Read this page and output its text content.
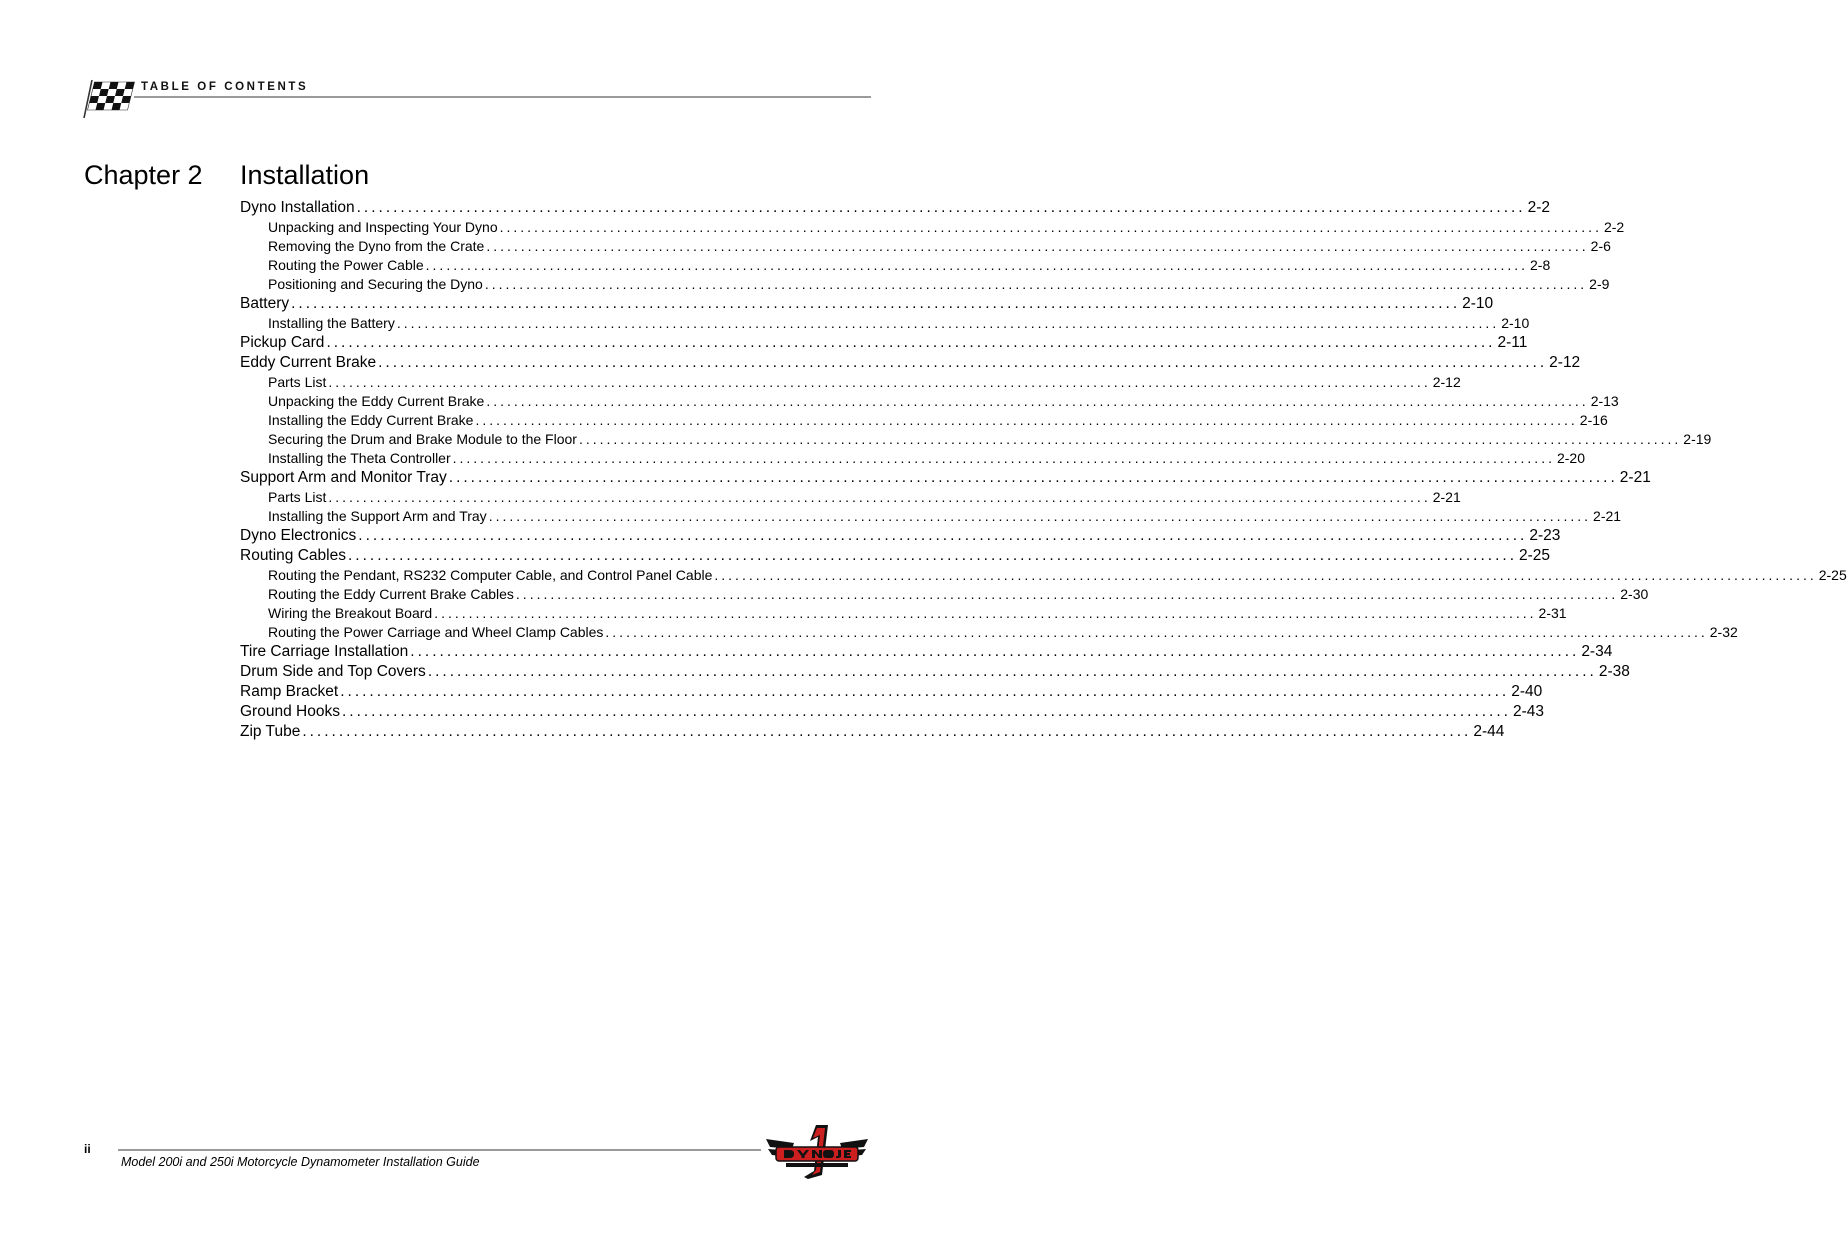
TABLE OF CONTENTS
Chapter 2 Installation
Dyno Installation ................................................................................................................................................................ 2-2
Unpacking and Inspecting Your Dyno ................................................................................................................................................................ 2-2
Removing the Dyno from the Crate ................................................................................................................................................................ 2-6
Routing the Power Cable ................................................................................................................................................................ 2-8
Positioning and Securing the Dyno ................................................................................................................................................................ 2-9
Battery ................................................................................................................................................................ 2-10
Installing the Battery ................................................................................................................................................................ 2-10
Pickup Card ................................................................................................................................................................ 2-11
Eddy Current Brake ................................................................................................................................................................ 2-12
Parts List ................................................................................................................................................................ 2-12
Unpacking the Eddy Current Brake ................................................................................................................................................................ 2-13
Installing the Eddy Current Brake ................................................................................................................................................................ 2-16
Securing the Drum and Brake Module to the Floor ................................................................................................................................................................ 2-19
Installing the Theta Controller ................................................................................................................................................................ 2-20
Support Arm and Monitor Tray ................................................................................................................................................................ 2-21
Parts List ................................................................................................................................................................ 2-21
Installing the Support Arm and Tray ................................................................................................................................................................ 2-21
Dyno Electronics ................................................................................................................................................................ 2-23
Routing Cables ................................................................................................................................................................ 2-25
Routing the Pendant, RS232 Computer Cable, and Control Panel Cable ................................................................................................................................................................ 2-25
Routing the Eddy Current Brake Cables ................................................................................................................................................................ 2-30
Wiring the Breakout Board ................................................................................................................................................................ 2-31
Routing the Power Carriage and Wheel Clamp Cables ................................................................................................................................................................ 2-32
Tire Carriage Installation ................................................................................................................................................................ 2-34
Drum Side and Top Covers ................................................................................................................................................................ 2-38
Ramp Bracket ................................................................................................................................................................ 2-40
Ground Hooks ................................................................................................................................................................ 2-43
Zip Tube ................................................................................................................................................................ 2-44
ii
Model 200i and 250i Motorcycle Dynamometer Installation Guide
